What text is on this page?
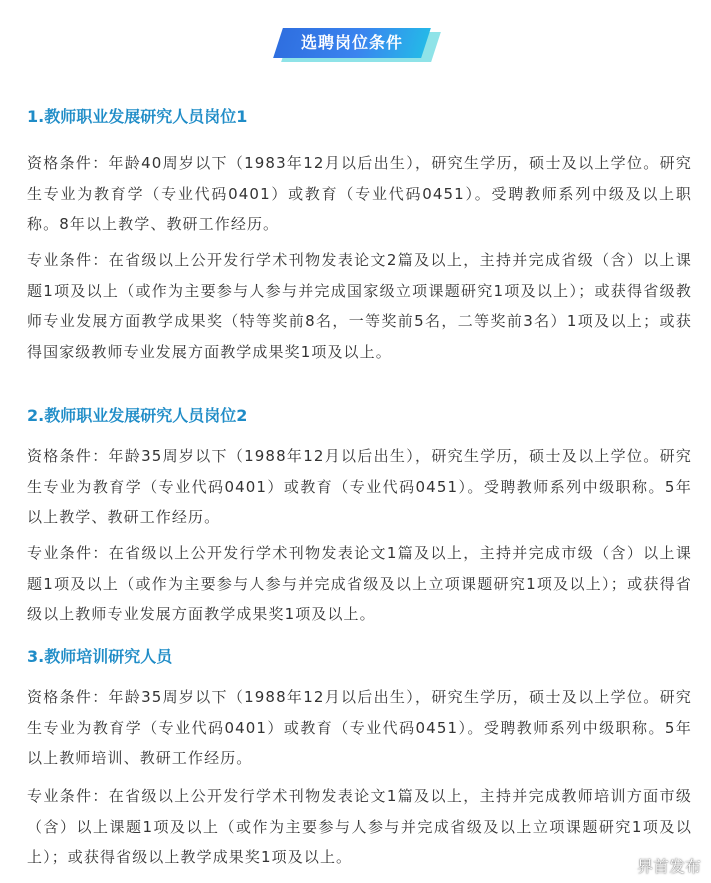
选聘岗位条件
1.教师职业发展研究人员岗位1

资格条件：年龄40周岁以下（1983年12月以后出生），研究生学历，硕士及以上学位。研究生专业为教育学（专业代码0401）或教育（专业代码0451）。受聘教师系列中级及以上职称。8年以上教学、教研工作经历。

专业条件：在省级以上公开发行学术刊物发表论文2篇及以上，主持并完成省级（含）以上课题1项及以上（或作为主要参与人参与并完成国家级立项课题研究1项及以上）；或获得省级教师专业发展方面教学成果奖（特等奖前8名，一等奖前5名，二等奖前3名）1项及以上；或获得国家级教师专业发展方面教学成果奖1项及以上。

2.教师职业发展研究人员岗位2

资格条件：年龄35周岁以下（1988年12月以后出生），研究生学历，硕士及以上学位。研究生专业为教育学（专业代码0401）或教育（专业代码0451）。受聘教师系列中级职称。5年以上教学、教研工作经历。

专业条件：在省级以上公开发行学术刊物发表论文1篇及以上，主持并完成市级（含）以上课题1项及以上（或作为主要参与人参与并完成省级及以上立项课题研究1项及以上）；或获得省级以上教师专业发展方面教学成果奖1项及以上。

3.教师培训研究人员

资格条件：年龄35周岁以下（1988年12月以后出生），研究生学历，硕士及以上学位。研究生专业为教育学（专业代码0401）或教育（专业代码0451）。受聘教师系列中级职称。5年以上教师培训、教研工作经历。

专业条件：在省级以上公开发行学术刊物发表论文1篇及以上，主持并完成教师培训方面市级（含）以上课题1项及以上（或作为主要参与人参与并完成省级及以上立项课题研究1项及以上）；或获得省级以上教学成果奖1项及以上。	界首发布
